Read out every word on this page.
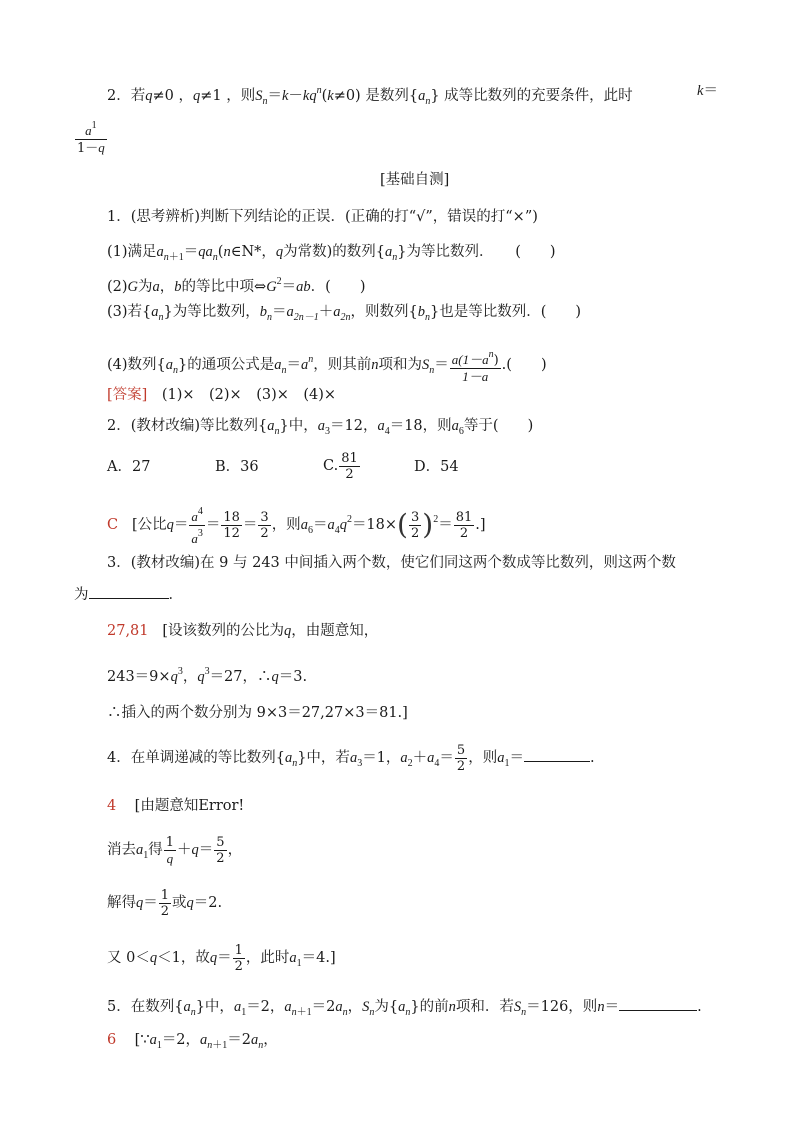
2．若q≠0 ，q≠1 ，则$S_n=k-kq^n(k\ne 0)$ 是数列$\{a_n\}$ 成等比数列的充要条件，此时	k＝
$\frac{a^1}{1-q}$
[基础自测]
1．(思考辨析)判断下列结论的正误．(正确的打“√”，错误的打“×”)
(1)满足$a_{n+1}=qa_n(n\in N*$，q为常数)的数列$\{a_n\}$为等比数列．　　(　　)
(2)G为a，b的等比中项$\Leftrightarrow G^2=ab$．(　　)
(3)若$\{a_n\}$为等比数列，$b_n=a_{2n-1}+a_{2n}$，则数列$\{b_n\}$也是等比数列．(　　)
(4)数列$\{a_n\}$的通项公式是$a_n=a^n$，则其前n项和为$S_n= \frac{a(1-a^n)}{1-a}$ .(　　)
[答案]　(1)×　(2)×　(3)×　(4)×
2．(教材改编)等比数列$\{a_n\}$中，$a_3=12$，$a_4=18$，则$a_6$等于(　　)
A．27	B．36	C. $\frac{81}{2}$	D．54
C [公比$q= \frac{a^4}{a^3} = \frac{18}{12} = \frac{3}{2}$ ，则$a_6=a_4q^2=18\times( \frac{3}{2} )^2= \frac{81}{2}$ .]
3．(教材改编)在 9 与 243 中间插入两个数，使它们同这两个数成等比数列，则这两个数
为	．
27,81 [设该数列的公比为q，由题意知，
$243=9\times q^3$，$q^3=27$，∴q＝3.
∴插入的两个数分别为 9×3＝27,27×3＝81.]
4．在单调递减的等比数列$\{a_n\}$中，若$a_3=1$，$a_2+a_4= \frac{5}{2}$ ，则$a_1=$	.
4 [由题意知Error!
消去$a_1$得 $\frac{1}{q} +q= \frac{5}{2}$ ，
解得$q= \frac{1}{2}$ 或q＝2.
又 0＜q＜1，故$q= \frac{1}{2}$ ，此时$a_1=4$.]
5．在数列$\{a_n\}$中，$a_1=2$，$a_{n+1}=2a_n$，$S_n$为$\{a_n\}$的前n项和．若$S_n=126$，则n＝	.
6 [$\because a_1=2$，$a_{n+1}=2a_n$，
